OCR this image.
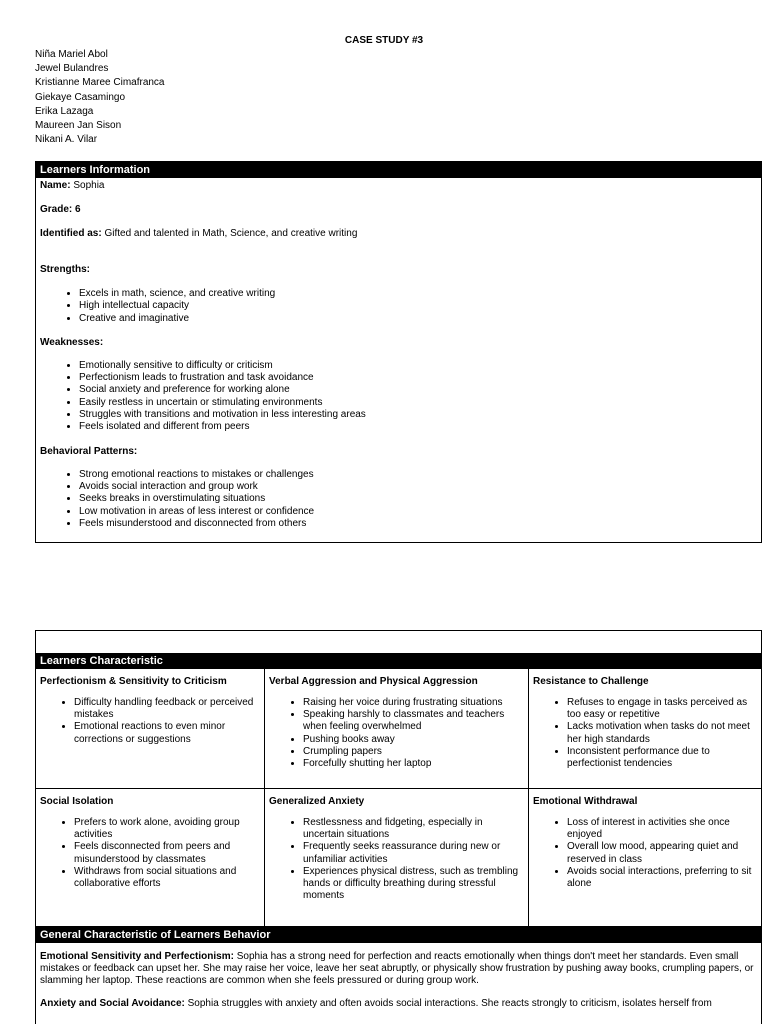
CASE STUDY #3
Niña Mariel Abol
Jewel Bulandres
Kristianne Maree Cimafranca
Giekaye Casamingo
Erika Lazaga
Maureen Jan Sison
Nikani A. Vilar
Learners Information

Name: Sophia

Grade: 6

Identified as: Gifted and talented in Math, Science, and creative writing

Strengths:

• Excels in math, science, and creative writing
• High intellectual capacity
• Creative and imaginative

Weaknesses:

• Emotionally sensitive to difficulty or criticism
• Perfectionism leads to frustration and task avoidance
• Social anxiety and preference for working alone
• Easily restless in uncertain or stimulating environments
• Struggles with transitions and motivation in less interesting areas
• Feels isolated and different from peers

Behavioral Patterns:

• Strong emotional reactions to mistakes or challenges
• Avoids social interaction and group work
• Seeks breaks in overstimulating situations
• Low motivation in areas of less interest or confidence
• Feels misunderstood and disconnected from others
Learners Characteristic
Perfectionism & Sensitivity to Criticism
• Difficulty handling feedback or perceived mistakes
• Emotional reactions to even minor corrections or suggestions
Verbal Aggression and Physical Aggression
• Raising her voice during frustrating situations
• Speaking harshly to classmates and teachers when feeling overwhelmed
• Pushing books away
• Crumpling papers
• Forcefully shutting her laptop
Resistance to Challenge
• Refuses to engage in tasks perceived as too easy or repetitive
• Lacks motivation when tasks do not meet her high standards
• Inconsistent performance due to perfectionist tendencies
Social Isolation
• Prefers to work alone, avoiding group activities
• Feels disconnected from peers and misunderstood by classmates
• Withdraws from social situations and collaborative efforts
Generalized Anxiety
• Restlessness and fidgeting, especially in uncertain situations
• Frequently seeks reassurance during new or unfamiliar activities
• Experiences physical distress, such as trembling hands or difficulty breathing during stressful moments
Emotional Withdrawal
• Loss of interest in activities she once enjoyed
• Overall low mood, appearing quiet and reserved in class
• Avoids social interactions, preferring to sit alone
General Characteristic of Learners Behavior

Emotional Sensitivity and Perfectionism: Sophia has a strong need for perfection and reacts emotionally when things don't meet her standards. Even small mistakes or feedback can upset her. She may raise her voice, leave her seat abruptly, or physically show frustration by pushing away books, crumpling papers, or slamming her laptop. These reactions are common when she feels pressured or during group work.

Anxiety and Social Avoidance: Sophia struggles with anxiety and often avoids social interactions. She reacts strongly to criticism, isolates herself from
